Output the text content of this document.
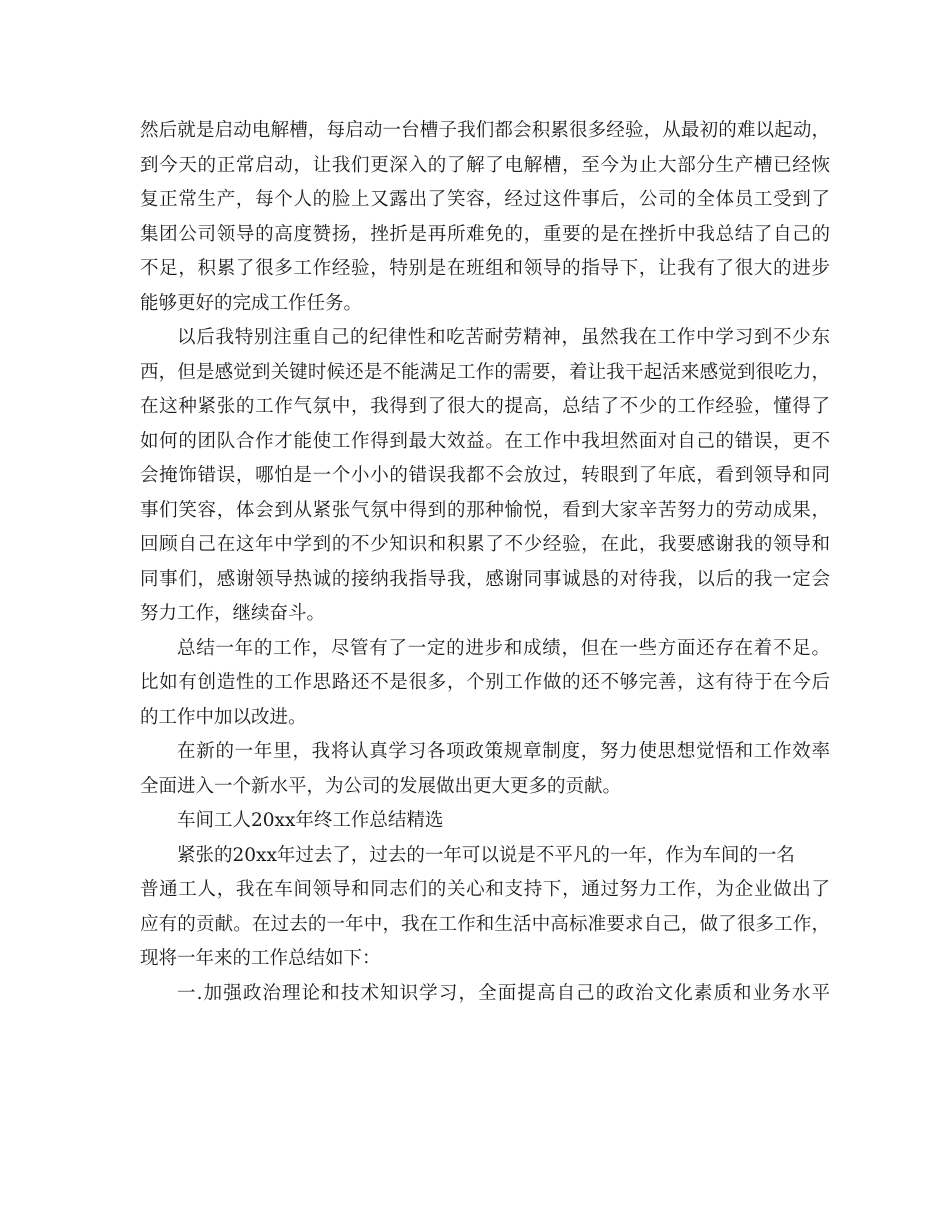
然后就是启动电解槽，每启动一台槽子我们都会积累很多经验，从最初的难以起动，
到今天的正常启动，让我们更深入的了解了电解槽，至今为止大部分生产槽已经恢
复正常生产，每个人的脸上又露出了笑容，经过这件事后，公司的全体员工受到了
集团公司领导的高度赞扬，挫折是再所难免的，重要的是在挫折中我总结了自己的
不足，积累了很多工作经验，特别是在班组和领导的指导下，让我有了很大的进步
能够更好的完成工作任务。
以后我特别注重自己的纪律性和吃苦耐劳精神，虽然我在工作中学习到不少东
西，但是感觉到关键时候还是不能满足工作的需要，着让我干起活来感觉到很吃力，
在这种紧张的工作气氛中，我得到了很大的提高，总结了不少的工作经验，懂得了
如何的团队合作才能使工作得到最大效益。在工作中我坦然面对自己的错误，更不
会掩饰错误，哪怕是一个小小的错误我都不会放过，转眼到了年底，看到领导和同
事们笑容，体会到从紧张气氛中得到的那种愉悦，看到大家辛苦努力的劳动成果，
回顾自己在这年中学到的不少知识和积累了不少经验，在此，我要感谢我的领导和
同事们，感谢领导热诚的接纳我指导我，感谢同事诚恳的对待我，以后的我一定会
努力工作，继续奋斗。
总结一年的工作，尽管有了一定的进步和成绩，但在一些方面还存在着不足。
比如有创造性的工作思路还不是很多，个别工作做的还不够完善，这有待于在今后
的工作中加以改进。
在新的一年里，我将认真学习各项政策规章制度，努力使思想觉悟和工作效率
全面进入一个新水平，为公司的发展做出更大更多的贡献。
车间工人20xx年终工作总结精选
紧张的20xx年过去了，过去的一年可以说是不平凡的一年，作为车间的一名
普通工人，我在车间领导和同志们的关心和支持下，通过努力工作，为企业做出了
应有的贡献。在过去的一年中，我在工作和生活中高标准要求自己，做了很多工作，
现将一年来的工作总结如下：
一.加强政治理论和技术知识学习，全面提高自己的政治文化素质和业务水平
